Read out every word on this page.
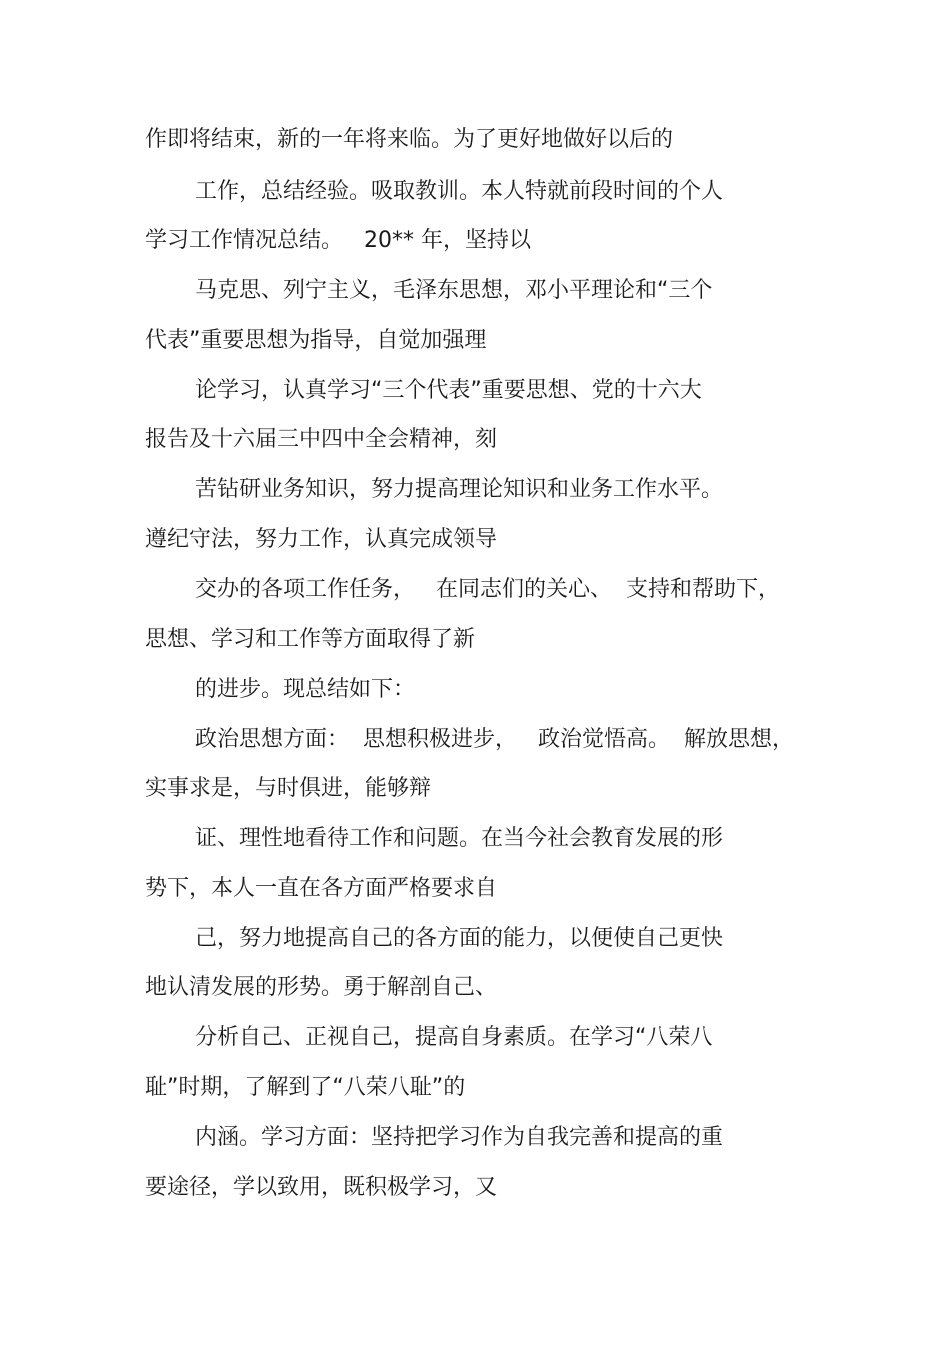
作即将结束，新的一年将来临。为了更好地做好以后的

工作，总结经验。吸取教训。本人特就前段时间的个人

学习工作情况总结。   20** 年，坚持以

马克思、列宁主义，毛泽东思想，邓小平理论和“三个

代表”重要思想为指导，自觉加强理

论学习，认真学习“三个代表”重要思想、党的十六大

报告及十六届三中四中全会精神，刻

苦钻研业务知识，努力提高理论知识和业务工作水平。

遵纪守法，努力工作，认真完成领导

交办的各项工作任务，   在同志们的关心、  支持和帮助下，

思想、学习和工作等方面取得了新

的进步。现总结如下：

政治思想方面：  思想积极进步，   政治觉悟高。  解放思想，

实事求是，与时俱进，能够辩

证、理性地看待工作和问题。在当今社会教育发展的形

势下，本人一直在各方面严格要求自

己，努力地提高自己的各方面的能力，以便使自己更快

地认清发展的形势。勇于解剖自己、

分析自己、正视自己，提高自身素质。在学习“八荣八

耻”时期，了解到了“八荣八耻”的

内涵。学习方面：坚持把学习作为自我完善和提高的重

要途径，学以致用，既积极学习，又
